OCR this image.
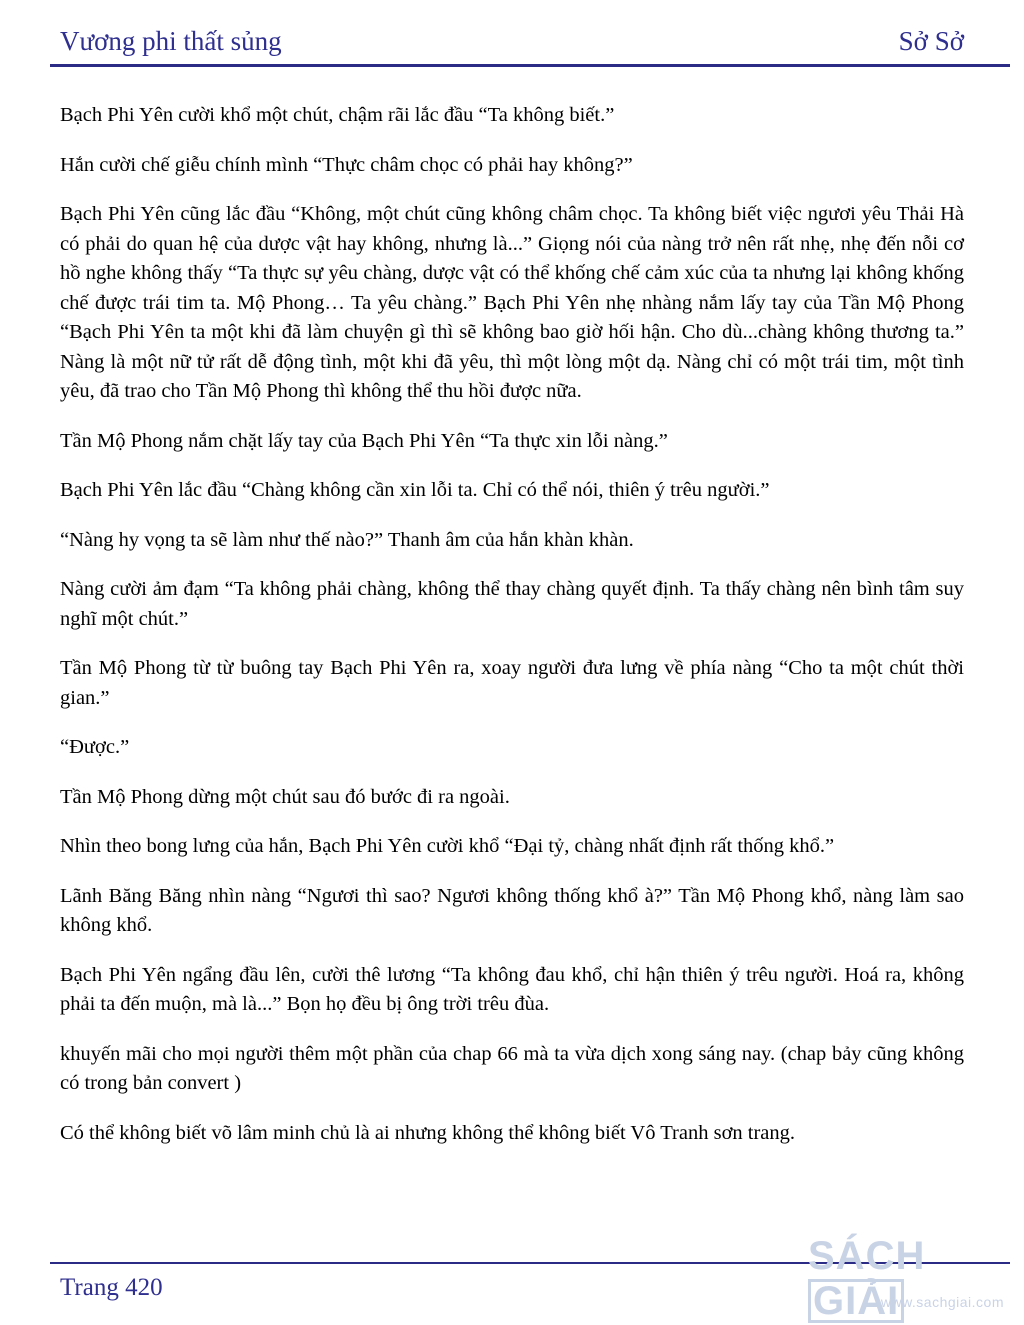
Vương phi thất sủng	Sở Sở

Bạch Phi Yên cười khổ một chút, chậm rãi lắc đầu “Ta không biết.”

Hắn cười chế giễu chính mình “Thực châm chọc có phải hay không?”

Bạch Phi Yên cũng lắc đầu “Không, một chút cũng không châm chọc. Ta không biết việc ngươi yêu Thải Hà có phải do quan hệ của dược vật hay không, nhưng là...” Giọng nói của nàng trở nên rất nhẹ, nhẹ đến nỗi cơ hồ nghe không thấy “Ta thực sự yêu chàng, dược vật có thể khống chế cảm xúc của ta nhưng lại không khống chế được trái tim ta. Mộ Phong… Ta yêu chàng.” Bạch Phi Yên nhẹ nhàng nắm lấy tay của Tần Mộ Phong “Bạch Phi Yên ta một khi đã làm chuyện gì thì sẽ không bao giờ hối hận. Cho dù...chàng không thương ta.” Nàng là một nữ tử rất dễ động tình, một khi đã yêu, thì một lòng một dạ. Nàng chỉ có một trái tim, một tình yêu, đã trao cho Tần Mộ Phong thì không thể thu hồi được nữa.

Tần Mộ Phong nắm chặt lấy tay của Bạch Phi Yên “Ta thực xin lỗi nàng.”

Bạch Phi Yên lắc đầu “Chàng không cần xin lỗi ta. Chỉ có thể nói, thiên ý trêu người.”

“Nàng hy vọng ta sẽ làm như thế nào?” Thanh âm của hắn khàn khàn.

Nàng cười ảm đạm “Ta không phải chàng, không thể thay chàng quyết định. Ta thấy chàng nên bình tâm suy nghĩ một chút.”

Tần Mộ Phong từ từ buông tay Bạch Phi Yên ra, xoay người đưa lưng về phía nàng “Cho ta một chút thời gian.”

“Được.”

Tần Mộ Phong dừng một chút sau đó bước đi ra ngoài.

Nhìn theo bong lưng của hắn, Bạch Phi Yên cười khổ “Đại tỷ, chàng nhất định rất thống khổ.”

Lãnh Băng Băng nhìn nàng “Ngươi thì sao? Ngươi không thống khổ à?” Tần Mộ Phong khổ, nàng làm sao không khổ.

Bạch Phi Yên ngẩng đầu lên, cười thê lương “Ta không đau khổ, chỉ hận thiên ý trêu người. Hoá ra, không phải ta đến muộn, mà là...” Bọn họ đều bị ông trời trêu đùa.

khuyến mãi cho mọi người thêm một phần của chap 66 mà ta vừa dịch xong sáng nay. (chap bảy cũng không có trong bản convert )

Có thể không biết võ lâm minh chủ là ai nhưng không thể không biết Vô Tranh sơn trang.

Trang 420
SÁCHGIẢI
www.sachgiai.com
